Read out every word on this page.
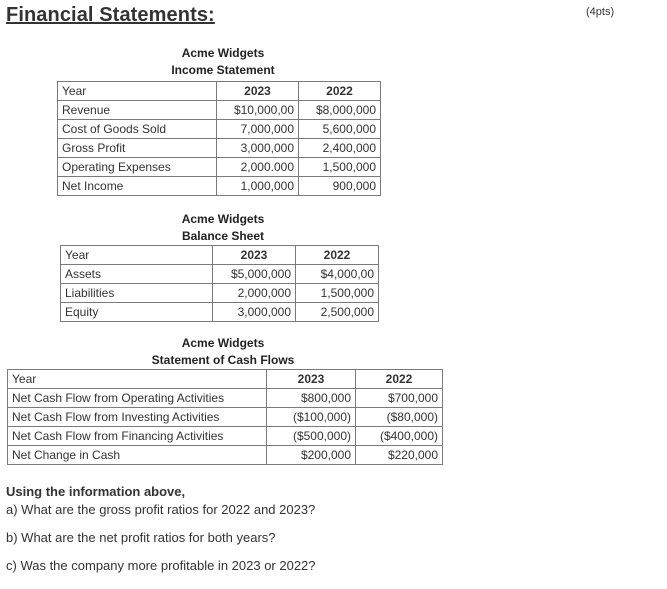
Financial Statements:	(4pts)
Acme Widgets
Income Statement
Year	2023	2022
Revenue	$10,000,00	$8,000,000
Cost of Goods Sold	7,000,000	5,600,000
Gross Profit	3,000,000	2,400,000
Operating Expenses	2,000.000	1,500,000
Net Income	1,000,000	900,000
Acme Widgets
Balance Sheet
Year	2023	2022
Assets	$5,000,000	$4,000,00
Liabilities	2,000,000	1,500,000
Equity	3,000,000	2,500,000
Acme Widgets
Statement of Cash Flows
Year	2023	2022
Net Cash Flow from Operating Activities	$800,000	$700,000
Net Cash Flow from Investing Activities	($100,000)	($80,000)
Net Cash Flow from Financing Activities	($500,000)	($400,000)
Net Change in Cash	$200,000	$220,000
Using the information above,
a) What are the gross profit ratios for 2022 and 2023?
b) What are the net profit ratios for both years?
c) Was the company more profitable in 2023 or 2022?
